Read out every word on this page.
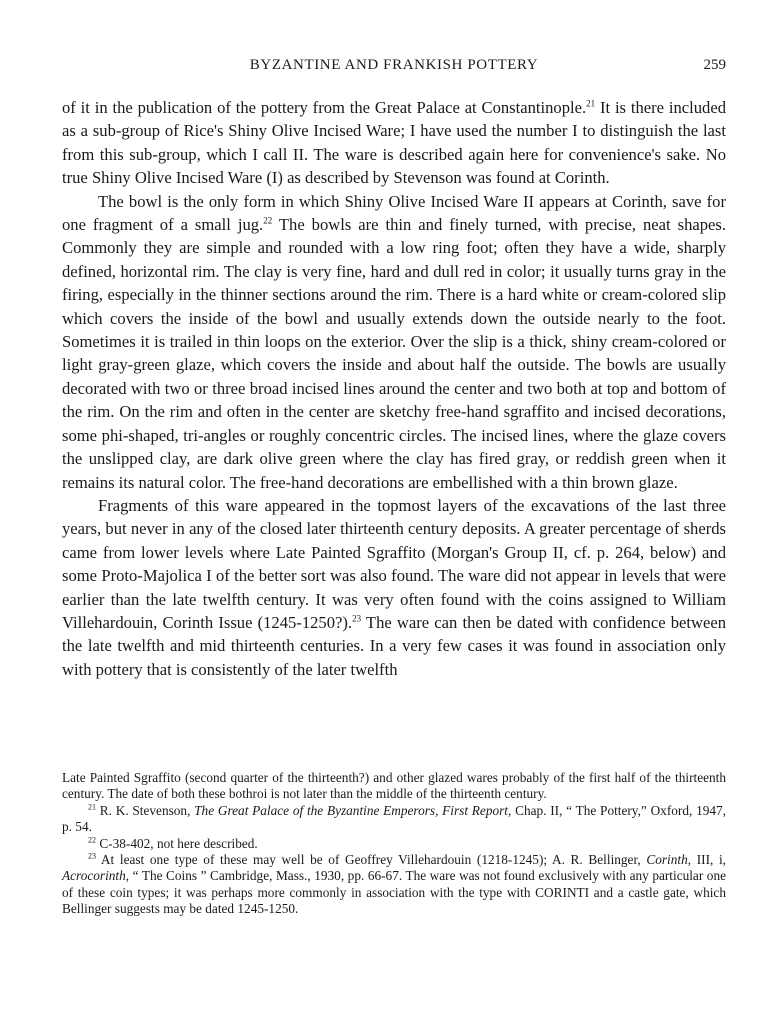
BYZANTINE AND FRANKISH POTTERY	259

of it in the publication of the pottery from the Great Palace at Constantinople.$^{21}$ It is there included as a sub-group of Rice's Shiny Olive Incised Ware; I have used the number I to distinguish the last from this sub-group, which I call II. The ware is described again here for convenience's sake. No true Shiny Olive Incised Ware (I) as described by Stevenson was found at Corinth.

The bowl is the only form in which Shiny Olive Incised Ware II appears at Corinth, save for one fragment of a small jug.$^{22}$ The bowls are thin and finely turned, with precise, neat shapes. Commonly they are simple and rounded with a low ring foot; often they have a wide, sharply defined, horizontal rim. The clay is very fine, hard and dull red in color; it usually turns gray in the firing, especially in the thinner sections around the rim. There is a hard white or cream-colored slip which covers the inside of the bowl and usually extends down the outside nearly to the foot. Sometimes it is trailed in thin loops on the exterior. Over the slip is a thick, shiny cream-colored or light gray-green glaze, which covers the inside and about half the outside. The bowls are usually decorated with two or three broad incised lines around the center and two both at top and bottom of the rim. On the rim and often in the center are sketchy free-hand sgraffito and incised decorations, some phi-shaped, tri-angles or roughly concentric circles. The incised lines, where the glaze covers the unslipped clay, are dark olive green where the clay has fired gray, or reddish green when it remains its natural color. The free-hand decorations are embellished with a thin brown glaze.

Fragments of this ware appeared in the topmost layers of the excavations of the last three years, but never in any of the closed later thirteenth century deposits. A greater percentage of sherds came from lower levels where Late Painted Sgraffito (Morgan's Group II, cf. p. 264, below) and some Proto-Majolica I of the better sort was also found. The ware did not appear in levels that were earlier than the late twelfth century. It was very often found with the coins assigned to William Villehardouin, Corinth Issue (1245-1250?).$^{23}$ The ware can then be dated with confidence between the late twelfth and mid thirteenth centuries. In a very few cases it was found in association only with pottery that is consistently of the later twelfth

Late Painted Sgraffito (second quarter of the thirteenth?) and other glazed wares probably of the first half of the thirteenth century. The date of both these bothroi is not later than the middle of the thirteenth century.

$^{21}$ R. K. Stevenson, The Great Palace of the Byzantine Emperors, First Report, Chap. II, “ The Pottery,” Oxford, 1947, p. 54.

$^{22}$ C-38-402, not here described.

$^{23}$ At least one type of these may well be of Geoffrey Villehardouin (1218-1245); A. R. Bellinger, Corinth, III, i, Acrocorinth, “ The Coins ” Cambridge, Mass., 1930, pp. 66-67. The ware was not found exclusively with any particular one of these coin types; it was perhaps more commonly in association with the type with CORINTI and a castle gate, which Bellinger suggests may be dated 1245-1250.
